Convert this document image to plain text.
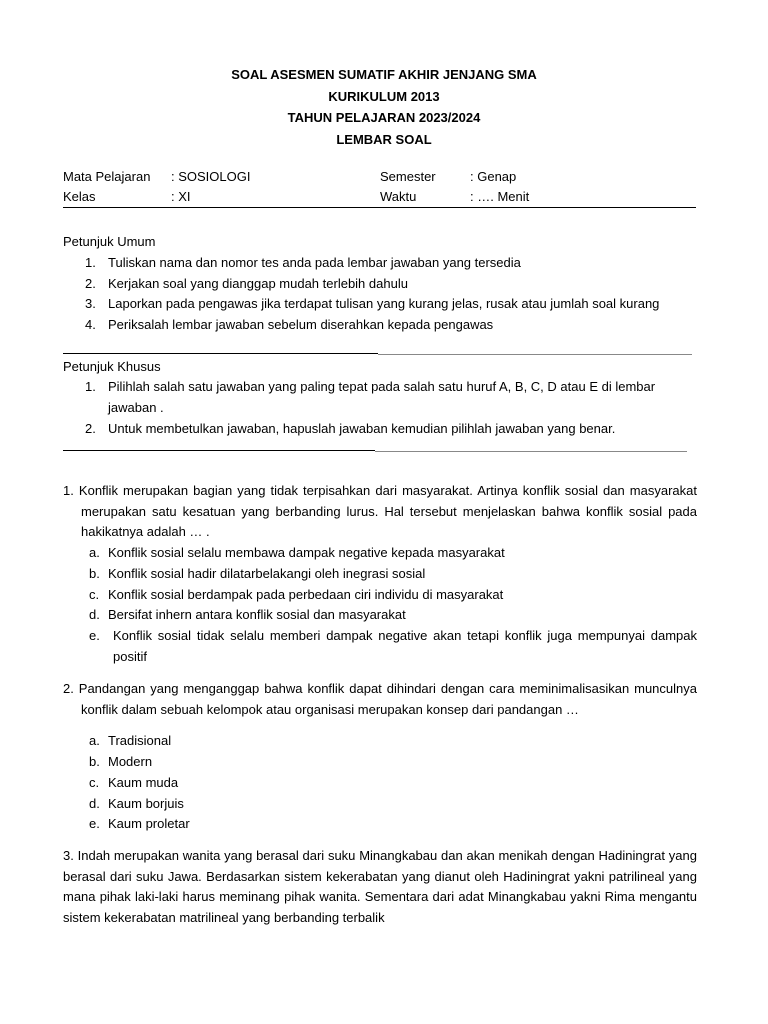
SOAL ASESMEN SUMATIF AKHIR JENJANG SMA
KURIKULUM 2013
TAHUN PELAJARAN 2023/2024
LEMBAR SOAL
Mata Pelajaran : SOSIOLOGI	Semester	: Genap
Kelas	: XI	Waktu	: …. Menit
Petunjuk Umum
1. Tuliskan nama dan nomor tes anda pada lembar jawaban yang tersedia
2. Kerjakan soal yang dianggap mudah terlebih dahulu
3. Laporkan pada pengawas jika terdapat tulisan yang kurang jelas, rusak atau jumlah soal kurang
4. Periksalah lembar jawaban sebelum diserahkan kepada pengawas
Petunjuk Khusus
1. Pilihlah salah satu jawaban yang paling tepat pada salah satu huruf A, B, C, D atau E di lembar jawaban .
2. Untuk membetulkan jawaban, hapuslah jawaban kemudian pilihlah jawaban yang benar.
1. Konflik merupakan bagian yang tidak terpisahkan dari masyarakat. Artinya konflik sosial dan masyarakat merupakan satu kesatuan yang berbanding lurus. Hal tersebut menjelaskan bahwa konflik sosial pada hakikatnya adalah … .
a. Konflik sosial selalu membawa dampak negative kepada masyarakat
b. Konflik sosial hadir dilatarbelakangi oleh inegrasi sosial
c. Konflik sosial berdampak pada perbedaan ciri individu di masyarakat
d. Bersifat inhern antara konflik sosial dan masyarakat
e. Konflik sosial tidak selalu memberi dampak negative akan tetapi konflik juga mempunyai dampak positif
2. Pandangan yang menganggap bahwa konflik dapat dihindari dengan cara meminimalisasikan munculnya konflik dalam sebuah kelompok atau organisasi merupakan konsep dari pandangan …
a. Tradisional
b. Modern
c. Kaum muda
d. Kaum borjuis
e. Kaum proletar
3. Indah merupakan wanita yang berasal dari suku Minangkabau dan akan menikah dengan Hadiningrat yang berasal dari suku Jawa. Berdasarkan sistem kekerabatan yang dianut oleh Hadiningrat yakni patrilineal yang mana pihak laki-laki harus meminang pihak wanita. Sementara dari adat Minangkabau yakni Rima mengantu sistem kekerabatan matrilineal yang berbanding terbalik
